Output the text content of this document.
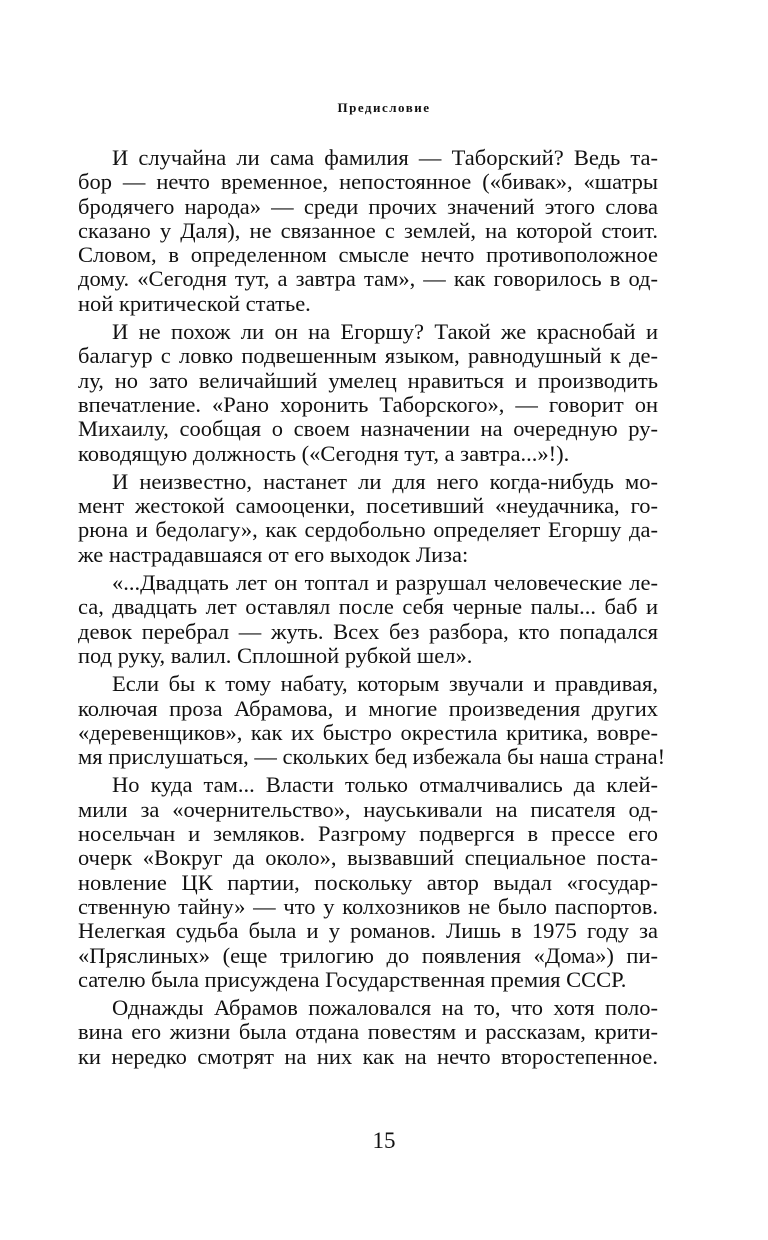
Предисловие
И случайна ли сама фамилия — Таборский? Ведь та-
бор — нечто временное, непостоянное («бивак», «шатры
бродячего народа» — среди прочих значений этого слова
сказано у Даля), не связанное с землей, на которой стоит.
Словом, в определенном смысле нечто противоположное
дому. «Сегодня тут, а завтра там», — как говорилось в од-
ной критической статье.
И не похож ли он на Егоршу? Такой же краснобай и
балагур с ловко подвешенным языком, равнодушный к де-
лу, но зато величайший умелец нравиться и производить
впечатление. «Рано хоронить Таборского», — говорит он
Михаилу, сообщая о своем назначении на очередную ру-
ководящую должность («Сегодня тут, а завтра...»!).
И неизвестно, настанет ли для него когда-нибудь мо-
мент жестокой самооценки, посетивший «неудачника, го-
рюна и бедолагу», как сердобольно определяет Егоршу да-
же настрадавшаяся от его выходок Лиза:
«...Двадцать лет он топтал и разрушал человеческие ле-
са, двадцать лет оставлял после себя черные палы... баб и
девок перебрал — жуть. Всех без разбора, кто попадался
под руку, валил. Сплошной рубкой шел».
Если бы к тому набату, которым звучали и правдивая,
колючая проза Абрамова, и многие произведения других
«деревенщиков», как их быстро окрестила критика, вовре-
мя прислушаться, — скольких бед избежала бы наша страна!
Но куда там... Власти только отмалчивались да клей-
мили за «очернительство», науськивали на писателя од-
носельчан и земляков. Разгрому подвергся в прессе его
очерк «Вокруг да около», вызвавший специальное поста-
новление ЦК партии, поскольку автор выдал «государ-
ственную тайну» — что у колхозников не было паспортов.
Нелегкая судьба была и у романов. Лишь в 1975 году за
«Пряслиных» (еще трилогию до появления «Дома») пи-
сателю была присуждена Государственная премия СССР.
Однажды Абрамов пожаловался на то, что хотя поло-
вина его жизни была отдана повестям и рассказам, крити-
ки нередко смотрят на них как на нечто второстепенное.
15
